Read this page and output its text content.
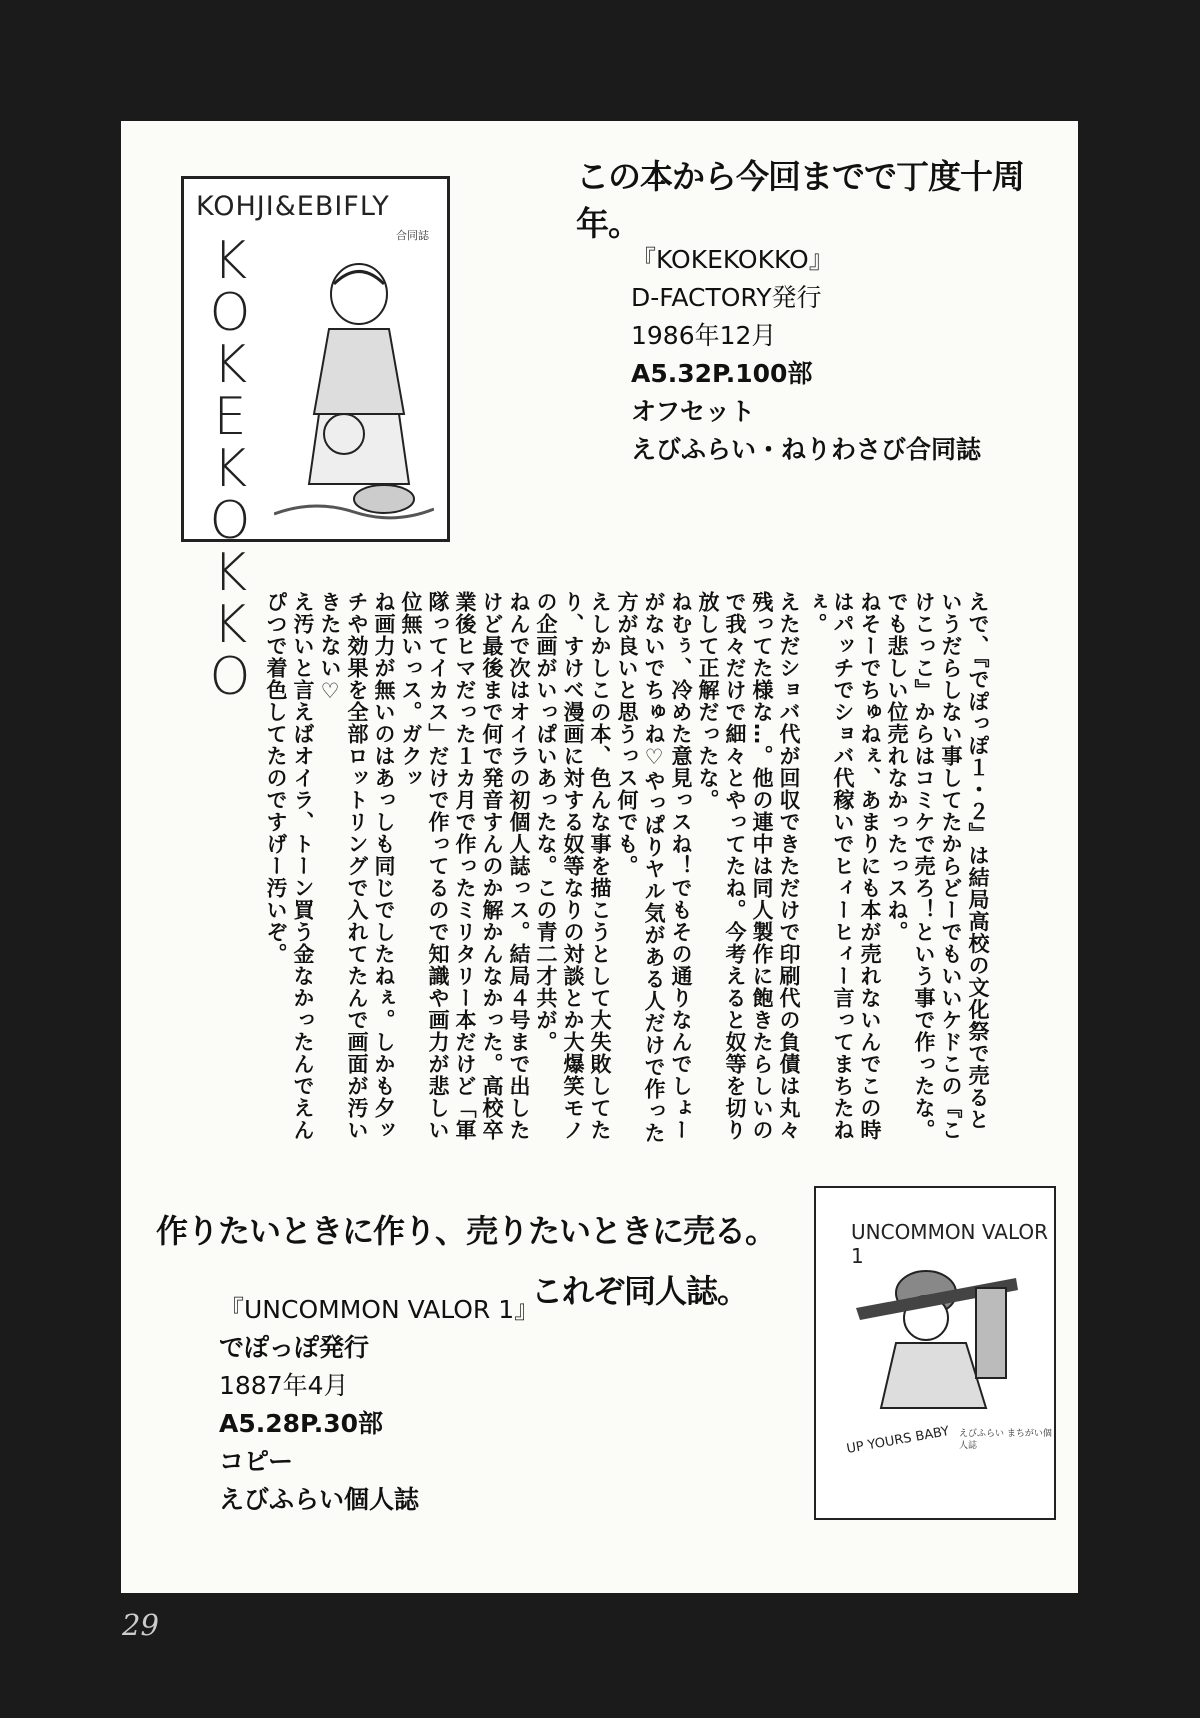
KOHJI&EBIFLY
合同誌
KOKEKOKKO
この本から今回までで丁度十周年。
『KOKEKOKKO』
D-FACTORY発行
1986年12月
A5.32P.100部
オフセット
えびふらい・ねりわさび合同誌

えで、『でぽっぽ１・２』は結局高校の文化祭で売るというだらしない事してたからどーでもいいケドこの『こけこっこ』からはコミケで売ろ！という事で作ったな。でも悲しい位売れなかったっスね。

ねそーでちゅねぇ、あまりにも本が売れないんでこの時はパッチでショバ代稼いでヒィーヒィー言ってまちたねぇ。

えただショバ代が回収できただけで印刷代の負債は丸々残ってた様な…。他の連中は同人製作に飽きたらしいので我々だけで細々とやってたね。今考えると奴等を切り放して正解だったな。

ねむぅ、冷めた意見っスね！でもその通りなんでしょーがないでちゅね♡やっぱりヤル気がある人だけで作った方が良いと思うっス何でも。

えしかしこの本、色んな事を描こうとして大失敗してたり、すけべ漫画に対する奴等なりの対談とか大爆笑モノの企画がいっぱいあったな。この青二才共が。

ねんで次はオイラの初個人誌っス。結局４号まで出したけど最後まで何で発音すんのか解かんなかった。高校卒業後ヒマだった１カ月で作ったミリタリー本だけど「軍隊ってイカス」だけで作ってるので知識や画力が悲しい位無いっス。ガクッ

ね画力が無いのはあっしも同じでしたねぇ。しかも夕ッチや効果を全部ロットリングで入れてたんで画面が汚いきたない♡

え汚いと言えばオイラ、トーン買う金なかったんでえんぴつで着色してたのですげー汚いぞ。

作りたいときに作り、売りたいときに売る。
これぞ同人誌。
『UNCOMMON VALOR 1』
でぽっぽ発行
1887年4月
A5.28P.30部
コピー
えびふらい個人誌
UNCOMMON VALOR 1
UP YOURS BABY えびふらい まちがい個人誌
29
